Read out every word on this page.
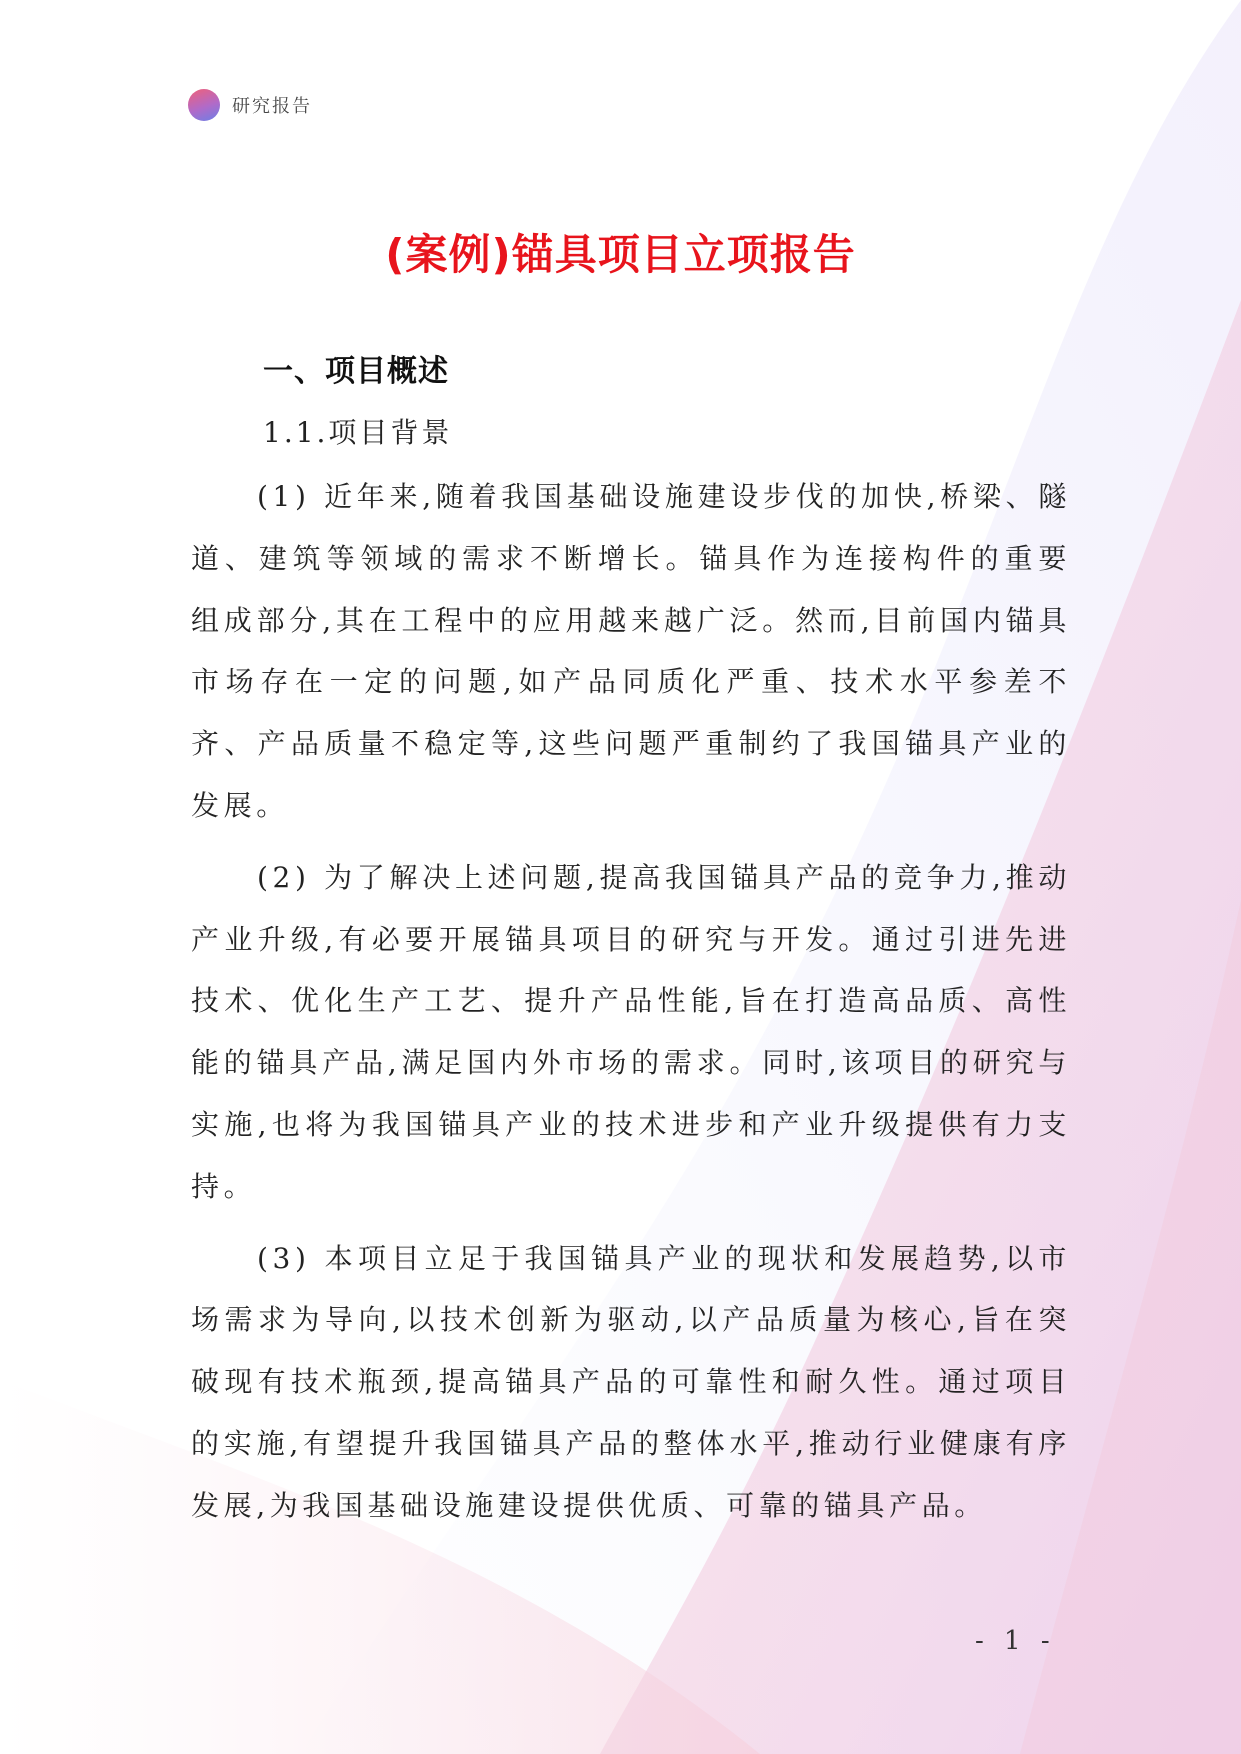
研究报告
(案例)锚具项目立项报告
一、项目概述
1.1.项目背景

(1) 近年来,随着我国基础设施建设步伐的加快,桥梁、隧道、建筑等领域的需求不断增长。锚具作为连接构件的重要组成部分,其在工程中的应用越来越广泛。然而,目前国内锚具市场存在一定的问题,如产品同质化严重、技术水平参差不齐、产品质量不稳定等,这些问题严重制约了我国锚具产业的发展。

(2) 为了解决上述问题,提高我国锚具产品的竞争力,推动产业升级,有必要开展锚具项目的研究与开发。通过引进先进技术、优化生产工艺、提升产品性能,旨在打造高品质、高性能的锚具产品,满足国内外市场的需求。同时,该项目的研究与实施,也将为我国锚具产业的技术进步和产业升级提供有力支持。

(3) 本项目立足于我国锚具产业的现状和发展趋势,以市场需求为导向,以技术创新为驱动,以产品质量为核心,旨在突破现有技术瓶颈,提高锚具产品的可靠性和耐久性。通过项目的实施,有望提升我国锚具产品的整体水平,推动行业健康有序发展,为我国基础设施建设提供优质、可靠的锚具产品。

- 1 -
